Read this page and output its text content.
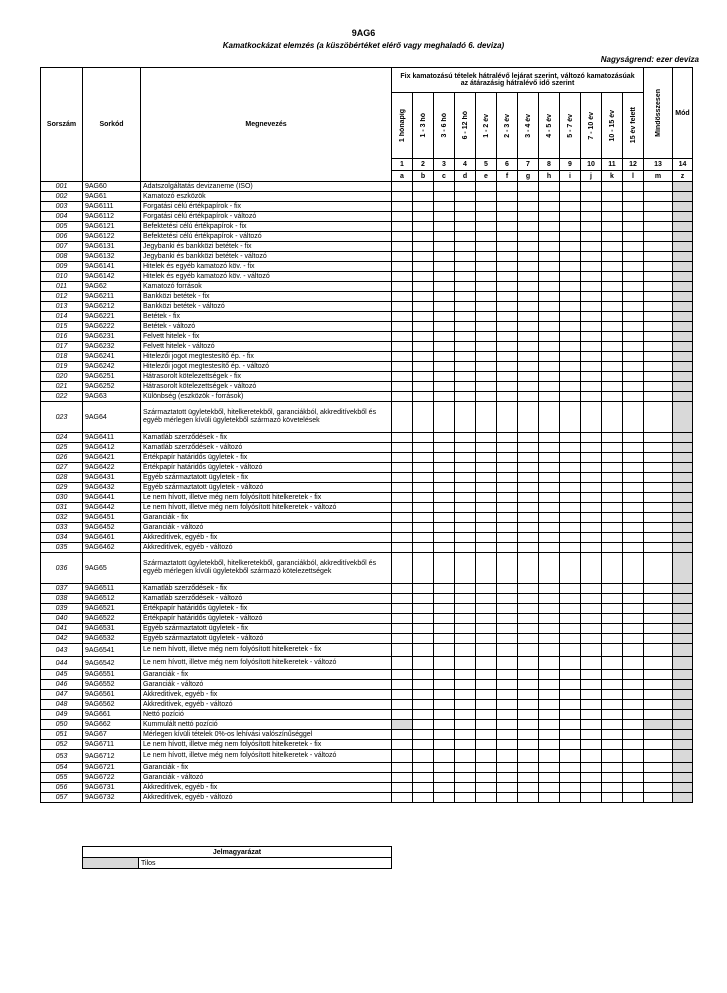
9AG6
Kamatkockázat elemzés (a küszöbértéket elérő vagy meghaladó 6. deviza)
Nagyságrend: ezer deviza
Sorszám	Sorkód	Megnevezés	Fix kamatozású tételek hátralévő lejárat szerint, változó kamatozásúak az átárazásig hátralévő idő szerint												Mindösszesen	Mód

			1 hónapig	1 - 3 hó	3 - 6 hó	6 - 12 hó	1 - 2 év	2 - 3 év	3 - 4 év	4 - 5 év	5 - 7 év	7 - 10 év	10 - 15 év	15 év felett		

			1	2	3	4	5	6	7	8	9	10	11	12	13	14
			a	b	c	d	e	f	g	h	i	j	k	l	m	z
001	9AG60	Adatszolgáltatás devizaneme (ISO)														
002	9AG61	Kamatozó eszközök														
003	9AG6111	Forgatási célú értékpapírok - fix														
004	9AG6112	Forgatási célú értékpapírok - változó														
005	9AG6121	Befektetési célú értékpapírok - fix														
006	9AG6122	Befektetési célú értékpapírok - változó														
007	9AG6131	Jegybanki és bankközi betétek - fix														
008	9AG6132	Jegybanki és bankközi betétek - változó														
009	9AG6141	Hitelek és egyéb kamatozó köv. - fix														
010	9AG6142	Hitelek és egyéb kamatozó köv. - változó														
011	9AG62	Kamatozó források														
012	9AG6211	Bankközi betétek - fix														
013	9AG6212	Bankközi betétek - változó														
014	9AG6221	Betétek - fix														
015	9AG6222	Betétek - változó														
016	9AG6231	Felvett hitelek - fix														
017	9AG6232	Felvett hitelek - változó														
018	9AG6241	Hitelezői jogot megtestesítő ép. - fix														
019	9AG6242	Hitelezői jogot megtestesítő ép. - változó														
020	9AG6251	Hátrasorolt kötelezettségek - fix														
021	9AG6252	Hátrasorolt kötelezettségek - változó														
022	9AG63	Különbség (eszközök - források)														
023	9AG64	Származtatott ügyletekből, hitelkeretekből, garanciákból, akkreditívekből és egyéb mérlegen kívüli ügyletekből származó követelések														
024	9AG6411	Kamatláb szerződések - fix														
025	9AG6412	Kamatláb szerződések - változó														
026	9AG6421	Értékpapír határidős ügyletek - fix														
027	9AG6422	Értékpapír határidős ügyletek - változó														
028	9AG6431	Egyéb származtatott ügyletek - fix														
029	9AG6432	Egyéb származtatott ügyletek - változó														
030	9AG6441	Le nem hívott, illetve még nem folyósított hitelkeretek - fix														
031	9AG6442	Le nem hívott, illetve még nem folyósított hitelkeretek - változó														
032	9AG6451	Garanciák - fix														
033	9AG6452	Garanciák - változó														
034	9AG6461	Akkreditívek, egyéb - fix														
035	9AG6462	Akkreditívek, egyéb - változó														
036	9AG65	Származtatott ügyletekből, hitelkeretekből, garanciákból, akkreditívekből és egyéb mérlegen kívüli ügyletekből származó kötelezettségek														
037	9AG6511	Kamatláb szerződések - fix														
038	9AG6512	Kamatláb szerződések - változó														
039	9AG6521	Értékpapír határidős ügyletek - fix														
040	9AG6522	Értékpapír határidős ügyletek - változó														
041	9AG6531	Egyéb származtatott ügyletek - fix														
042	9AG6532	Egyéb származtatott ügyletek - változó														
043	9AG6541	Le nem hívott, illetve még nem folyósított hitelkeretek - fix														
044	9AG6542	Le nem hívott, illetve még nem folyósított hitelkeretek - változó														
045	9AG6551	Garanciák - fix														
046	9AG6552	Garanciák - változó														
047	9AG6561	Akkreditívek, egyéb - fix														
048	9AG6562	Akkreditívek, egyéb - változó														
049	9AG661	Nettó pozíció														
050	9AG662	Kummulált nettó pozíció														
051	9AG67	Mérlegen kívüli tételek 0%-os lehívási valószínűséggel														
052	9AG6711	Le nem hívott, illetve még nem folyósított hitelkeretek - fix														
053	9AG6712	Le nem hívott, illetve még nem folyósított hitelkeretek - változó														
054	9AG6721	Garanciák - fix														
055	9AG6722	Garanciák - változó														
056	9AG6731	Akkreditívek, egyéb - fix														
057	9AG6732	Akkreditívek, egyéb - változó														
Jelmagyarázat
	Tilos
